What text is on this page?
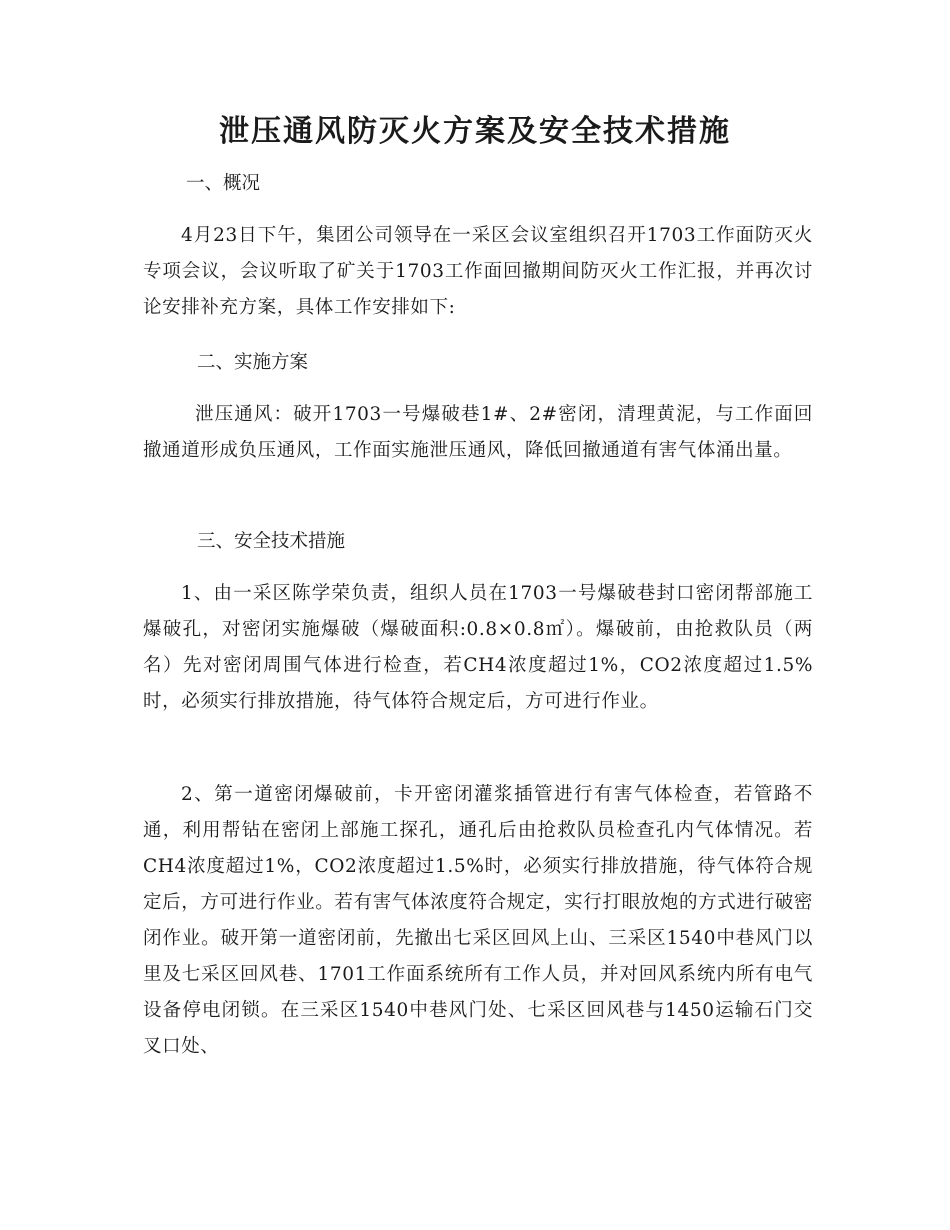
泄压通风防灭火方案及安全技术措施

一、概况

4月23日下午，集团公司领导在一采区会议室组织召开1703工作面防灭火专项会议，会议听取了矿关于1703工作面回撤期间防灭火工作汇报，并再次讨论安排补充方案，具体工作安排如下:

二、实施方案

泄压通风：破开1703一号爆破巷1#、2#密闭，清理黄泥，与工作面回撤通道形成负压通风，工作面实施泄压通风，降低回撤通道有害气体涌出量。

三、安全技术措施

1、由一采区陈学荣负责，组织人员在1703一号爆破巷封口密闭帮部施工爆破孔，对密闭实施爆破（爆破面积:0.8×0.8㎡）。爆破前，由抢救队员（两名）先对密闭周围气体进行检查，若CH4浓度超过1%，CO2浓度超过1.5%时，必须实行排放措施，待气体符合规定后，方可进行作业。

2、第一道密闭爆破前，卡开密闭灌浆插管进行有害气体检查，若管路不通，利用帮钻在密闭上部施工探孔，通孔后由抢救队员检查孔内气体情况。若CH4浓度超过1%，CO2浓度超过1.5%时，必须实行排放措施，待气体符合规定后，方可进行作业。若有害气体浓度符合规定，实行打眼放炮的方式进行破密闭作业。破开第一道密闭前，先撤出七采区回风上山、三采区1540中巷风门以里及七采区回风巷、1701工作面系统所有工作人员，并对回风系统内所有电气设备停电闭锁。在三采区1540中巷风门处、七采区回风巷与1450运输石门交叉口处、
